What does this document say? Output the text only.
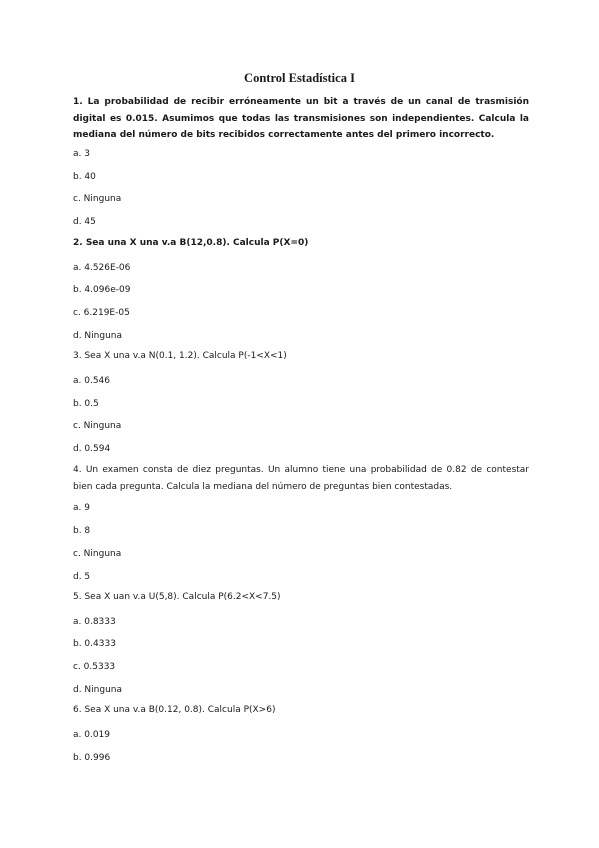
Control Estadística I
1. La probabilidad de recibir erróneamente un bit a través de un canal de trasmisión digital es 0.015. Asumimos que todas las transmisiones son independientes. Calcula la mediana del número de bits recibidos correctamente antes del primero incorrecto.
a. 3
b. 40
c. Ninguna
d. 45
2. Sea una X una v.a B(12,0.8). Calcula P(X=0)
a. 4.526E-06
b. 4.096e-09
c. 6.219E-05
d. Ninguna
3. Sea X una v.a N(0.1, 1.2). Calcula P(-1<X<1)
a. 0.546
b. 0.5
c. Ninguna
d. 0.594
4. Un examen consta de diez preguntas. Un alumno tiene una probabilidad de 0.82 de contestar bien cada pregunta. Calcula la mediana del número de preguntas bien contestadas.
a. 9
b. 8
c. Ninguna
d. 5
5. Sea X uan v.a U(5,8). Calcula P(6.2<X<7.5)
a. 0.8333
b. 0.4333
c. 0.5333
d. Ninguna
6. Sea X una v.a B(0.12, 0.8). Calcula P(X>6)
a. 0.019
b. 0.996
